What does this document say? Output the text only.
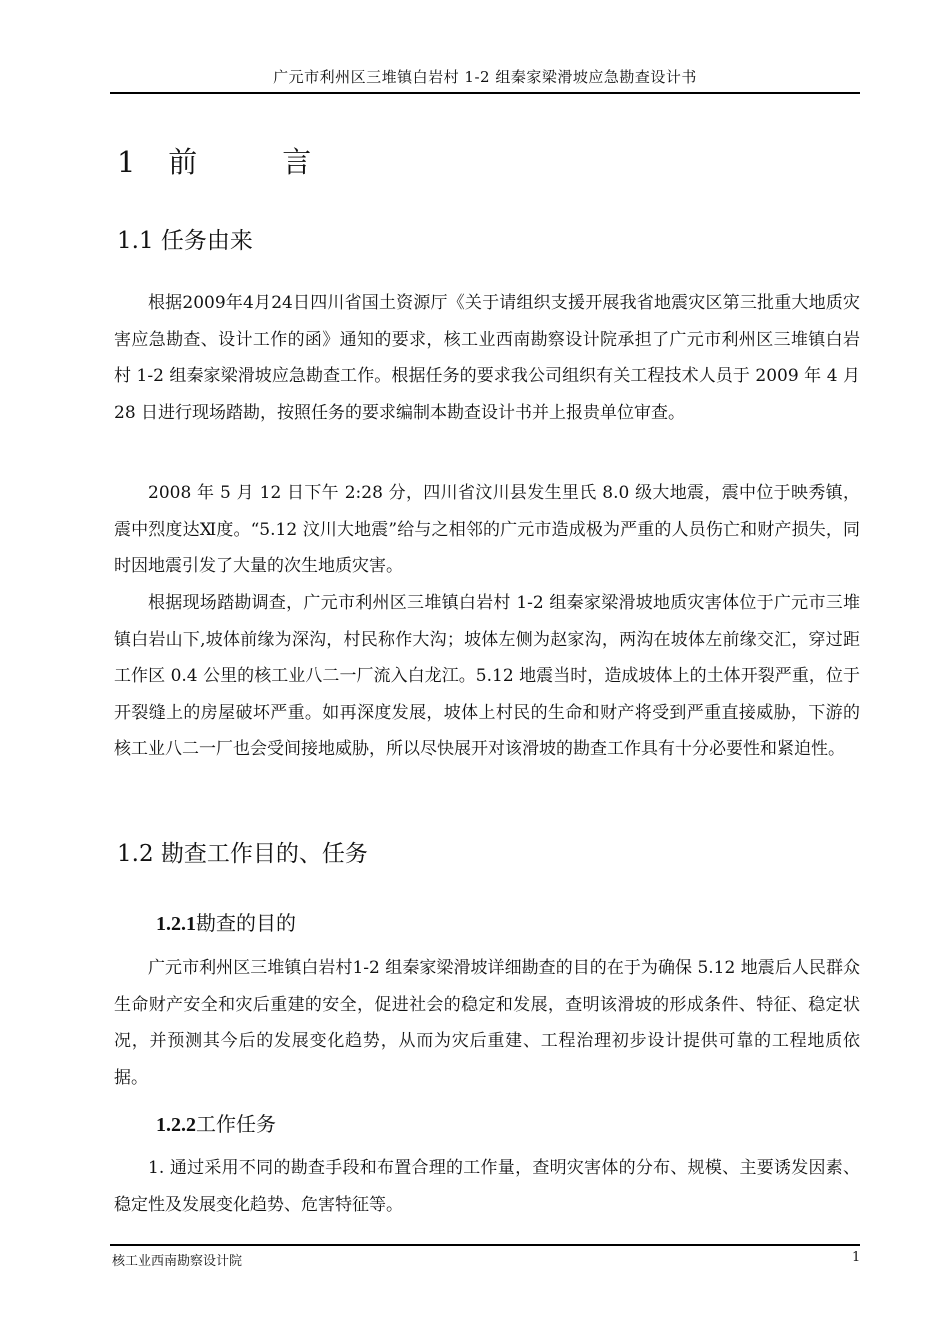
广元市利州区三堆镇白岩村 1-2 组秦家梁滑坡应急勘查设计书
1 前　言
1.1 任务由来

根据2009年4月24日四川省国土资源厅《关于请组织支援开展我省地震灾区第三批重大地质灾害应急勘查、设计工作的函》通知的要求，核工业西南勘察设计院承担了广元市利州区三堆镇白岩村 1-2 组秦家梁滑坡应急勘查工作。根据任务的要求我公司组织有关工程技术人员于 2009 年 4 月 28 日进行现场踏勘，按照任务的要求编制本勘查设计书并上报贵单位审查。

2008 年 5 月 12 日下午 2:28 分，四川省汶川县发生里氏 8.0 级大地震，震中位于映秀镇，震中烈度达Ⅺ度。“5.12 汶川大地震”给与之相邻的广元市造成极为严重的人员伤亡和财产损失，同时因地震引发了大量的次生地质灾害。

根据现场踏勘调查，广元市利州区三堆镇白岩村 1-2 组秦家梁滑坡地质灾害体位于广元市三堆镇白岩山下,坡体前缘为深沟，村民称作大沟；坡体左侧为赵家沟，两沟在坡体左前缘交汇，穿过距工作区 0.4 公里的核工业八二一厂流入白龙江。5.12 地震当时，造成坡体上的土体开裂严重，位于开裂缝上的房屋破坏严重。如再深度发展，坡体上村民的生命和财产将受到严重直接威胁，下游的核工业八二一厂也会受间接地威胁，所以尽快展开对该滑坡的勘查工作具有十分必要性和紧迫性。

1.2 勘查工作目的、任务
1.2.1勘查的目的

广元市利州区三堆镇白岩村1-2 组秦家梁滑坡详细勘查的目的在于为确保 5.12 地震后人民群众生命财产安全和灾后重建的安全，促进社会的稳定和发展，查明该滑坡的形成条件、特征、稳定状况，并预测其今后的发展变化趋势，从而为灾后重建、工程治理初步设计提供可靠的工程地质依据。

1.2.2工作任务

1. 通过采用不同的勘查手段和布置合理的工作量，查明灾害体的分布、规模、主要诱发因素、稳定性及发展变化趋势、危害特征等。

核工业西南勘察设计院	1
